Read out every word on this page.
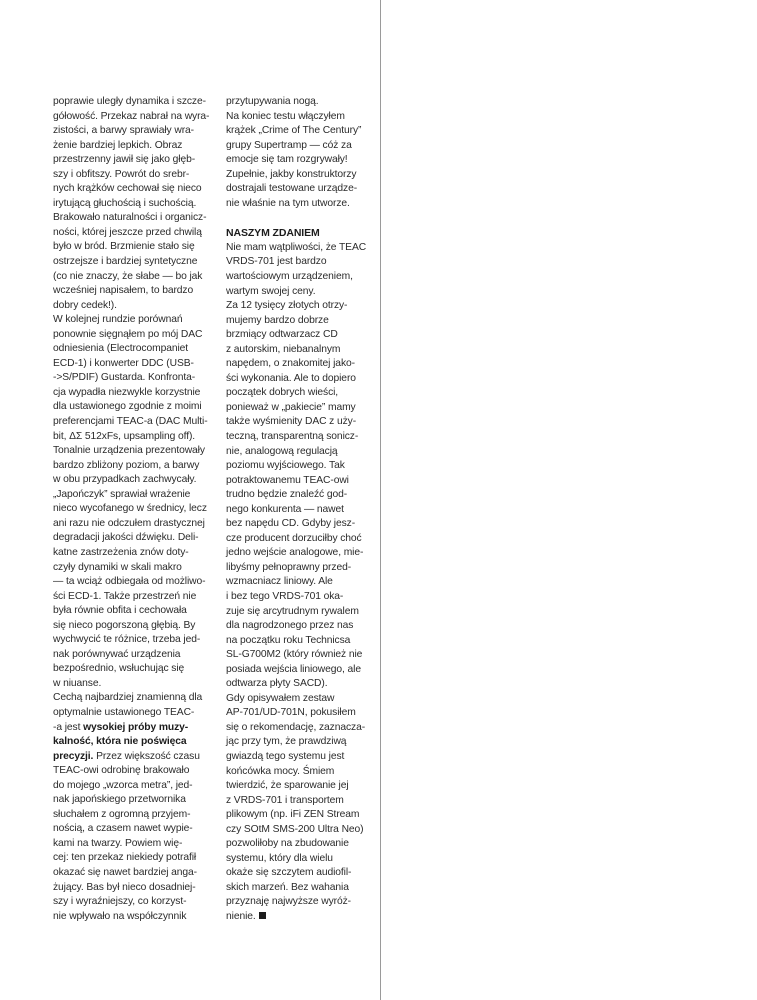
poprawie uległy dynamika i szcze-
gółowość. Przekaz nabrał na wyra-
zistości, a barwy sprawiały wra-
żenie bardziej lepkich. Obraz
przestrzenny jawił się jako głęb-
szy i obfitszy. Powrót do srebr-
nych krążków cechował się nieco
irytującą głuchością i suchością.
Brakowało naturalności i organicz-
ności, której jeszcze przed chwilą
było w bród. Brzmienie stało się
ostrzejsze i bardziej syntetyczne
(co nie znaczy, że słabe — bo jak
wcześniej napisałem, to bardzo
dobry cedek!).

W kolejnej rundzie porównań
ponownie sięgnąłem po mój DAC
odniesienia (Electrocompaniet
ECD-1) i konwerter DDC (USB-
->S/PDIF) Gustarda. Konfronta-
cja wypadła niezwykle korzystnie
dla ustawionego zgodnie z moimi
preferencjami TEAC-a (DAC Multi-
bit, ΔΣ 512xFs, upsampling off).
Tonalnie urządzenia prezentowały
bardzo zbliżony poziom, a barwy
w obu przypadkach zachwycały.
„Japończyk” sprawiał wrażenie
nieco wycofanego w średnicy, lecz
ani razu nie odczułem drastycznej
degradacji jakości dźwięku. Deli-
katne zastrzeżenia znów doty-
czyły dynamiki w skali makro
— ta wciąż odbiegała od możliwo-
ści ECD-1. Także przestrzeń nie
była równie obfita i cechowała
się nieco pogorszoną głębią. By
wychwycić te różnice, trzeba jed-
nak porównywać urządzenia
bezpośrednio, wsłuchując się
w niuanse.

Cechą najbardziej znamienną dla
optymalnie ustawionego TEAC-
-a jest wysokiej próby muzy-
kalność, która nie poświęca
precyzji. Przez większość czasu
TEAC-owi odrobinę brakowało
do mojego „wzorca metra”, jed-
nak japońskiego przetwornika
słuchałem z ogromną przyjem-
nością, a czasem nawet wypie-
kami na twarzy. Powiem wię-
cej: ten przekaz niekiedy potrafił
okazać się nawet bardziej anga-
żujący. Bas był nieco dosadniej-
szy i wyraźniejszy, co korzyst-
nie wpływało na współczynnik

przytupywania nogą.
Na koniec testu włączyłem
krążek „Crime of The Century”
grupy Supertramp — cóż za
emocje się tam rozgrywały!
Zupełnie, jakby konstruktorzy
dostrajali testowane urządze-
nie właśnie na tym utworze.

NASZYM ZDANIEM

Nie mam wątpliwości, że TEAC
VRDS-701 jest bardzo
wartościowym urządzeniem,
wartym swojej ceny.

Za 12 tysięcy złotych otrzy-
mujemy bardzo dobrze
brzmiący odtwarzacz CD
z autorskim, niebanalnym
napędem, o znakomitej jako-
ści wykonania. Ale to dopiero
początek dobrych wieści,
ponieważ w „pakiecie” mamy
także wyśmienity DAC z uży-
teczną, transparentną sonicz-
nie, analogową regulacją
poziomu wyjściowego. Tak
potraktowanemu TEAC-owi
trudno będzie znaleźć god-
nego konkurenta — nawet
bez napędu CD. Gdyby jesz-
cze producent dorzuciłby choć
jedno wejście analogowe, mie-
libyśmy pełnoprawny przed-
wzmacniacz liniowy. Ale
i bez tego VRDS-701 oka-
zuje się arcytrudnym rywalem
dla nagrodzonego przez nas
na początku roku Technicsa
SL-G700M2 (który również nie
posiada wejścia liniowego, ale
odtwarza płyty SACD).

Gdy opisywałem zestaw
AP-701/UD-701N, pokusiłem
się o rekomendację, zaznacza-
jąc przy tym, że prawdziwą
gwiazdą tego systemu jest
końcówka mocy. Śmiem
twierdzić, że sparowanie jej
z VRDS-701 i transportem
plikowym (np. iFi ZEN Stream
czy SOtM SMS-200 Ultra Neo)
pozwoliłoby na zbudowanie
systemu, który dla wielu
okaże się szczytem audiofil-
skich marzeń. Bez wahania
przyznaję najwyższe wyróż-
nienie.
